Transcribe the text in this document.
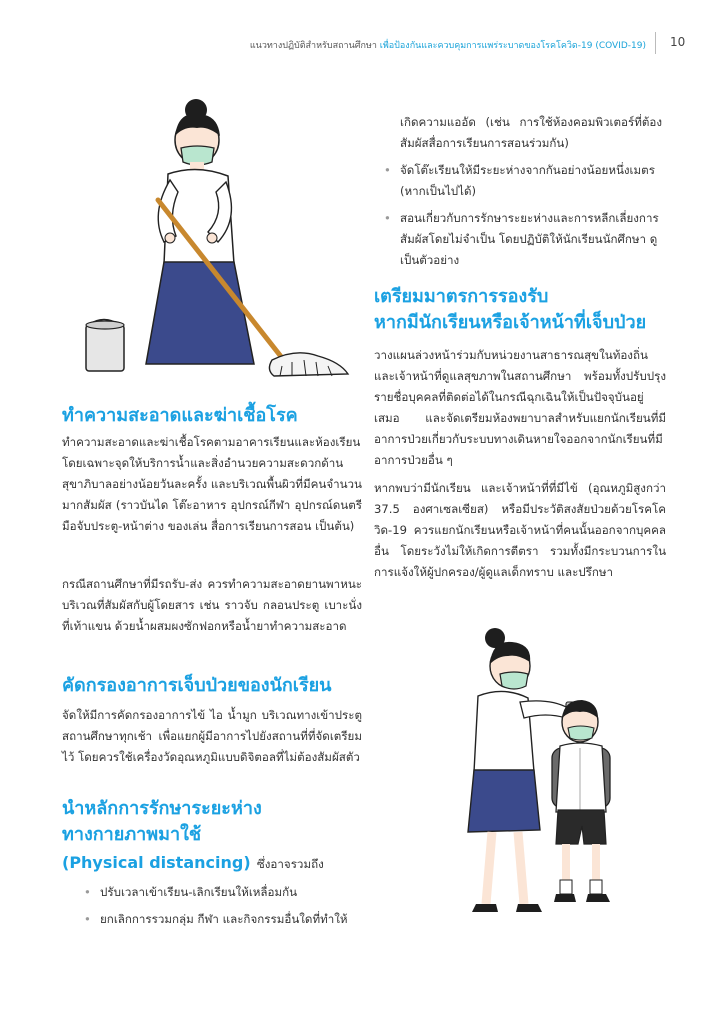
แนวทางปฏิบัติสำหรับสถานศึกษา เพื่อป้องกันและควบคุมการแพร่ระบาดของโรคโควิด-19 (COVID-19) 10
ทำความสะอาดและฆ่าเชื้อโรค

ทำความสะอาดและฆ่าเชื้อโรคตามอาคารเรียนและห้องเรียน โดยเฉพาะจุดให้บริการน้ำและสิ่งอำนวยความสะดวกด้านสุขาภิบาลอย่างน้อยวันละครั้ง และบริเวณพื้นผิวที่มีคนจำนวนมากสัมผัส (ราวบันได โต๊ะอาหาร อุปกรณ์กีฬา อุปกรณ์ดนตรี มือจับประตู-หน้าต่าง ของเล่น สื่อการเรียนการสอน เป็นต้น)

กรณีสถานศึกษาที่มีรถรับ-ส่ง ควรทำความสะอาดยานพาหนะบริเวณที่สัมผัสกับผู้โดยสาร เช่น ราวจับ กลอนประตู เบาะนั่ง ที่เท้าแขน ด้วยน้ำผสมผงซักฟอกหรือน้ำยาทำความสะอาด

คัดกรองอาการเจ็บป่วยของนักเรียน

จัดให้มีการคัดกรองอาการไข้ ไอ น้ำมูก บริเวณทางเข้าประตูสถานศึกษาทุกเช้า เพื่อแยกผู้มีอาการไปยังสถานที่ที่จัดเตรียมไว้ โดยควรใช้เครื่องวัดอุณหภูมิแบบดิจิตอลที่ไม่ต้องสัมผัสตัว

นำหลักการรักษาระยะห่าง
ทางกายภาพมาใช้
(Physical distancing) ซึ่งอาจรวมถึง
• ปรับเวลาเข้าเรียน-เลิกเรียนให้เหลื่อมกัน
• ยกเลิกการรวมกลุ่ม กีฬา และกิจกรรมอื่นใดที่ทำให้

เกิดความแออัด (เช่น การใช้ห้องคอมพิวเตอร์ที่ต้องสัมผัสสื่อการเรียนการสอนร่วมกัน)

• จัดโต๊ะเรียนให้มีระยะห่างจากกันอย่างน้อยหนึ่งเมตร (หากเป็นไปได้)
• สอนเกี่ยวกับการรักษาระยะห่างและการหลีกเลี่ยงการสัมผัสโดยไม่จำเป็น โดยปฏิบัติให้นักเรียนนักศึกษา ดูเป็นตัวอย่าง
เตรียมมาตรการรองรับ
หากมีนักเรียนหรือเจ้าหน้าที่เจ็บป่วย

วางแผนล่วงหน้าร่วมกับหน่วยงานสาธารณสุขในท้องถิ่นและเจ้าหน้าที่ดูแลสุขภาพในสถานศึกษา พร้อมทั้งปรับปรุงรายชื่อบุคคลที่ติดต่อได้ในกรณีฉุกเฉินให้เป็นปัจจุบันอยู่เสมอ และจัดเตรียมห้องพยาบาลสำหรับแยกนักเรียนที่มีอาการป่วยเกี่ยวกับระบบทางเดินหายใจออกจากนักเรียนที่มีอาการป่วยอื่น ๆ

หากพบว่ามีนักเรียน และเจ้าหน้าที่ที่มีไข้ (อุณหภูมิสูงกว่า 37.5 องศาเซลเซียส) หรือมีประวัติสงสัยป่วยด้วยโรคโควิด-19 ควรแยกนักเรียนหรือเจ้าหน้าที่คนนั้นออกจากบุคคลอื่น โดยระวังไม่ให้เกิดการตีตรา รวมทั้งมีกระบวนการในการแจ้งให้ผู้ปกครอง/ผู้ดูแลเด็กทราบ และปรึกษา
